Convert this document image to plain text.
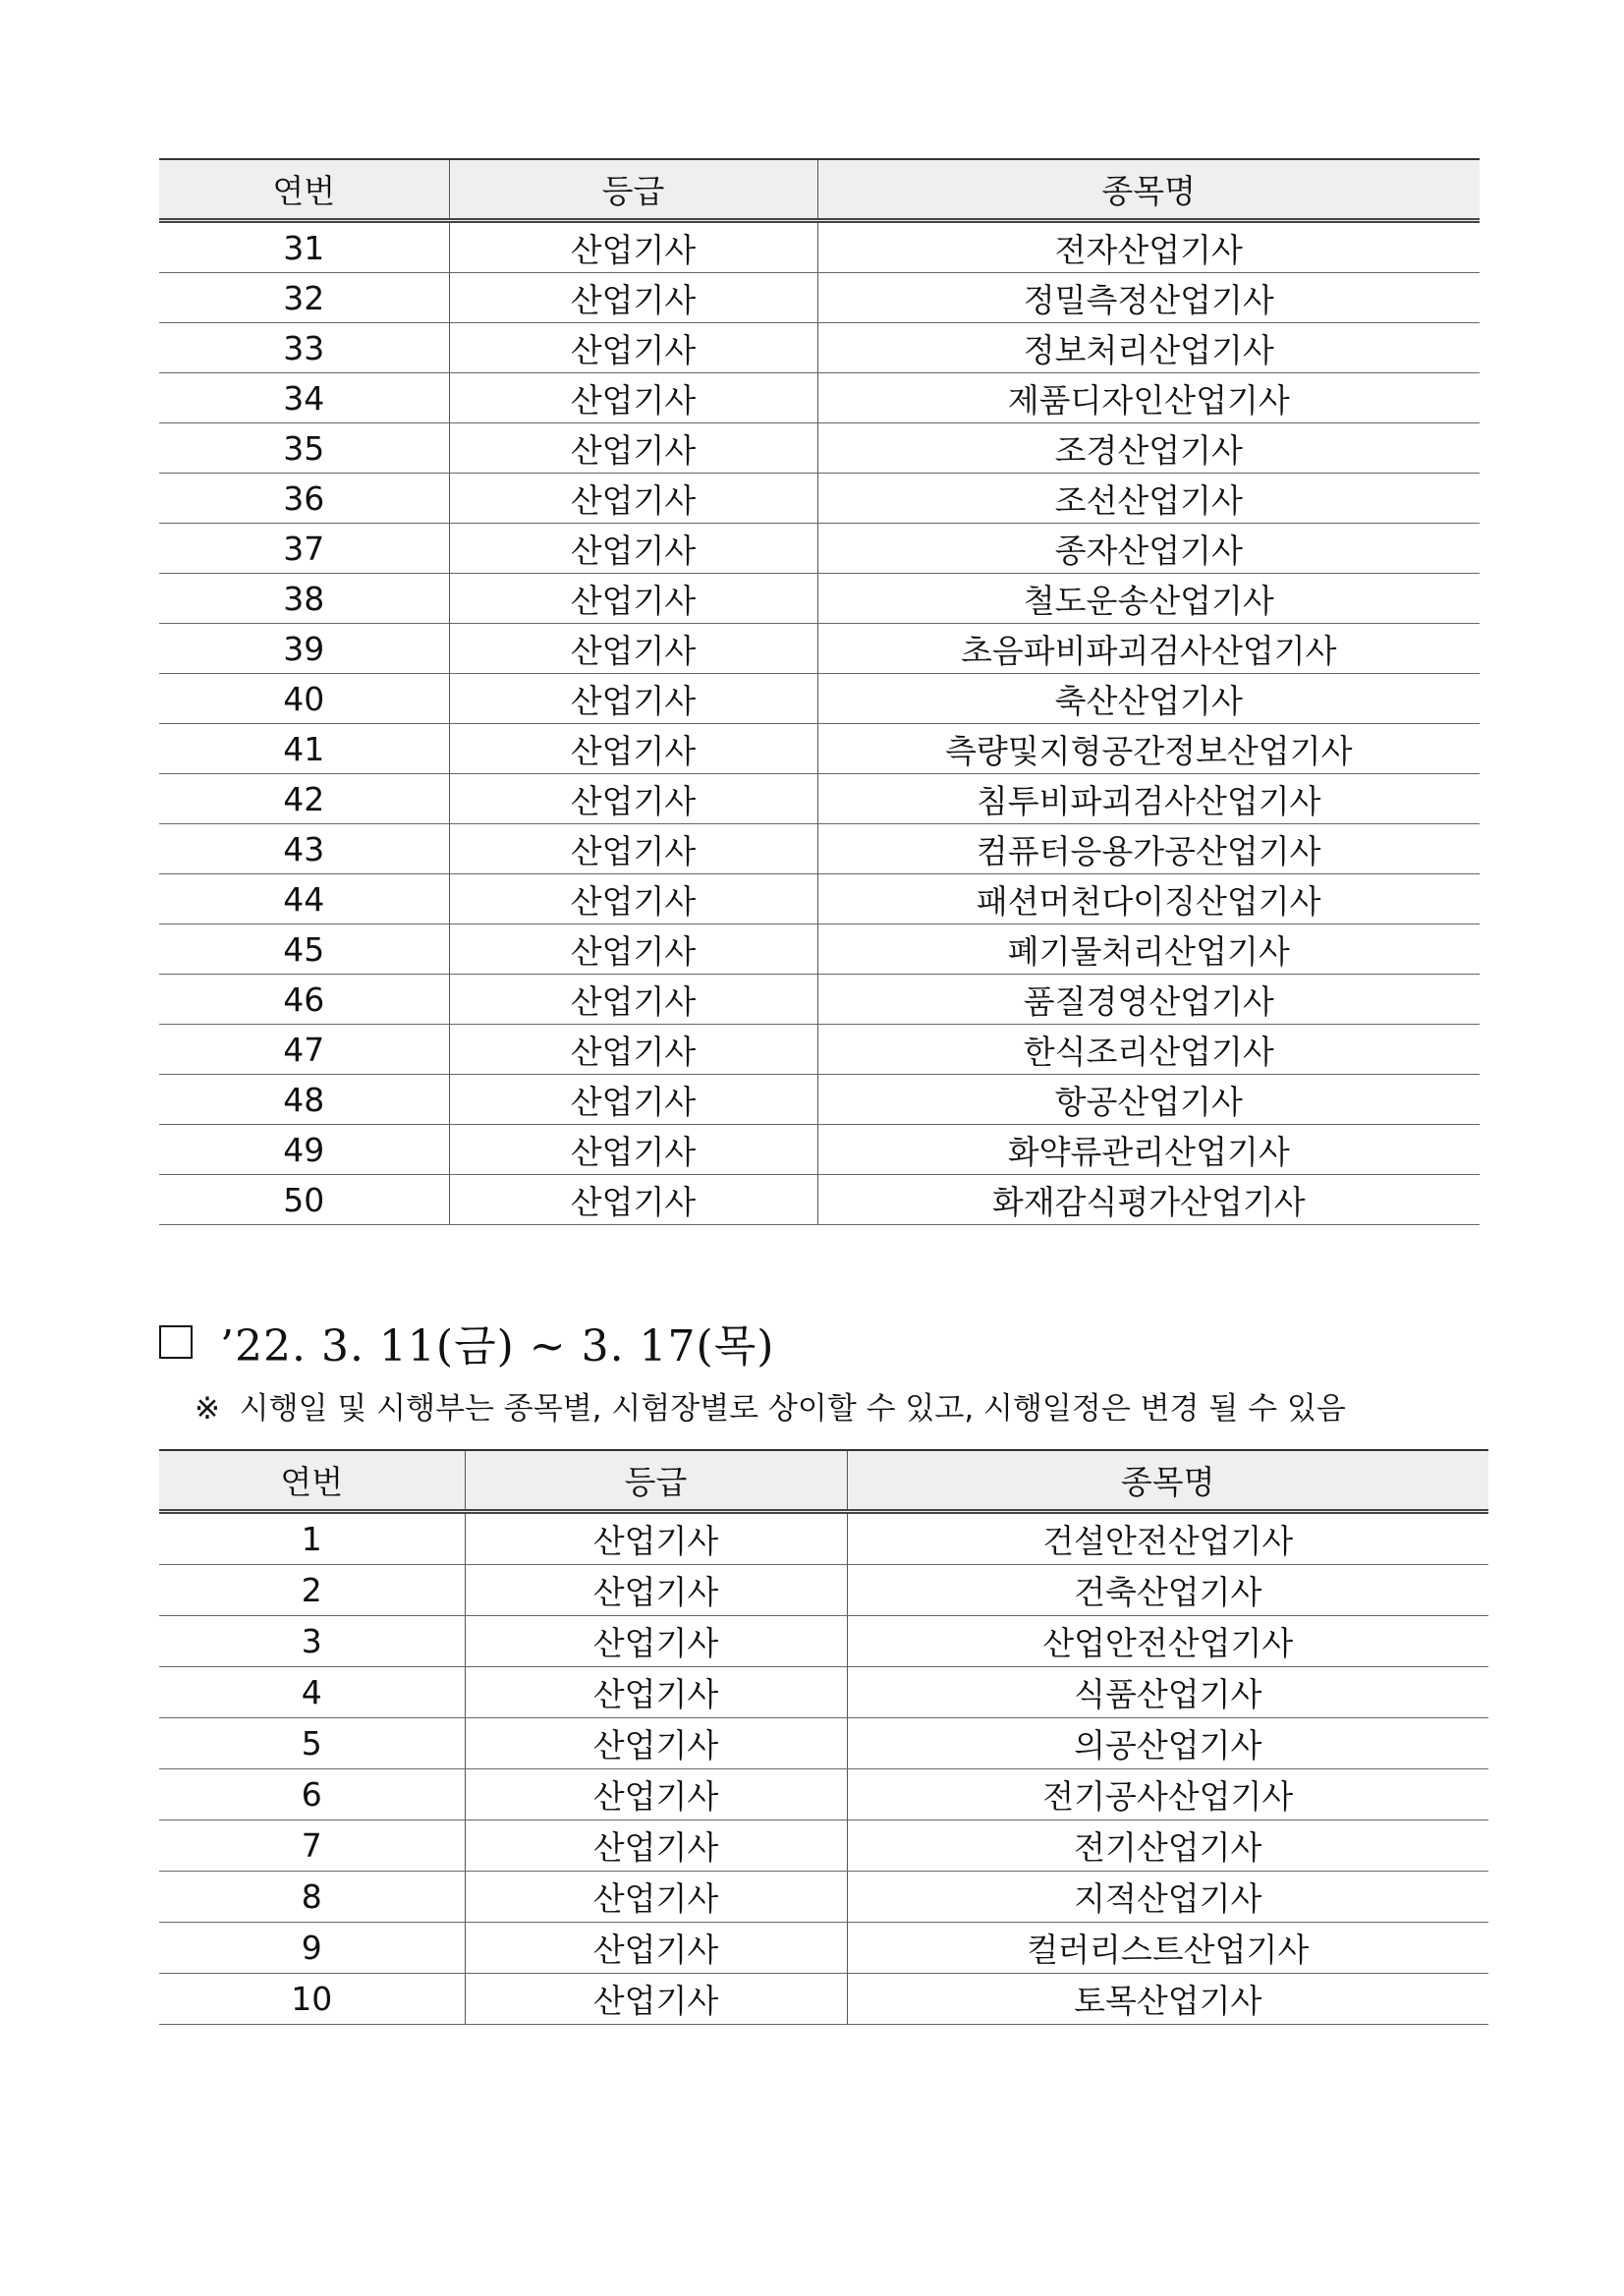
연번	등급	종목명
31	산업기사	전자산업기사
32	산업기사	정밀측정산업기사
33	산업기사	정보처리산업기사
34	산업기사	제품디자인산업기사
35	산업기사	조경산업기사
36	산업기사	조선산업기사
37	산업기사	종자산업기사
38	산업기사	철도운송산업기사
39	산업기사	초음파비파괴검사산업기사
40	산업기사	축산산업기사
41	산업기사	측량및지형공간정보산업기사
42	산업기사	침투비파괴검사산업기사
43	산업기사	컴퓨터응용가공산업기사
44	산업기사	패션머천다이징산업기사
45	산업기사	폐기물처리산업기사
46	산업기사	품질경영산업기사
47	산업기사	한식조리산업기사
48	산업기사	항공산업기사
49	산업기사	화약류관리산업기사
50	산업기사	화재감식평가산업기사
’22. 3. 11(금) ~ 3. 17(목)
※  시행일 및 시행부는 종목별, 시험장별로 상이할 수 있고, 시행일정은 변경 될 수 있음
연번	등급	종목명
1	산업기사	건설안전산업기사
2	산업기사	건축산업기사
3	산업기사	산업안전산업기사
4	산업기사	식품산업기사
5	산업기사	의공산업기사
6	산업기사	전기공사산업기사
7	산업기사	전기산업기사
8	산업기사	지적산업기사
9	산업기사	컬러리스트산업기사
10	산업기사	토목산업기사
